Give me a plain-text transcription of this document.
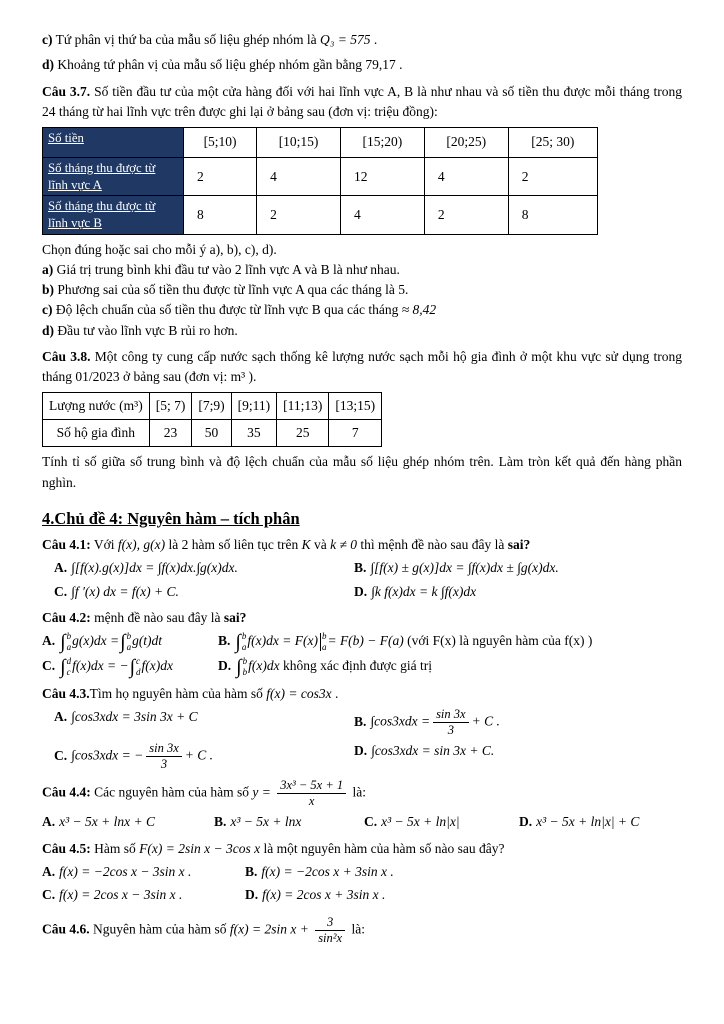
c) Tứ phân vị thứ ba của mẫu số liệu ghép nhóm là Q₃ = 575 .

d) Khoảng tứ phân vị của mẫu số liệu ghép nhóm gần bằng 79,17 .

Câu 3.7. Số tiền đầu tư của một cửa hàng đối với hai lĩnh vực A, B là như nhau và số tiền thu được mỗi tháng trong 24 tháng từ hai lĩnh vực trên được ghi lại ở bảng sau (đơn vị: triệu đồng):

Số tiền	[5;10)	[10;15)	[15;20)	[20;25)	[25; 30)
Số tháng thu được từ lĩnh vực A	2	4	12	4	2
Số tháng thu được từ lĩnh vực B	8	2	4	2	8

Chọn đúng hoặc sai cho mỗi ý a), b), c), d).

a) Giá trị trung bình khi đầu tư vào 2 lĩnh vực A và B là như nhau.

b) Phương sai của số tiền thu được từ lĩnh vực A qua các tháng là 5.

c) Độ lệch chuẩn của số tiền thu được từ lĩnh vực B qua các tháng ≈ 8,42

d) Đầu tư vào lĩnh vực B rủi ro hơn.

Câu 3.8. Một công ty cung cấp nước sạch thống kê lượng nước sạch mỗi hộ gia đình ở một khu vực sử dụng trong tháng 01/2023 ở bảng sau (đơn vị: m³ ).

Lượng nước (m³)	[5; 7)	[7;9)	[9;11)	[11;13)	[13;15)
Số hộ gia đình	23	50	35	25	7

Tính tỉ số giữa số trung bình và độ lệch chuẩn của mẫu số liệu ghép nhóm trên. Làm tròn kết quả đến hàng phần nghìn.

4.Chủ đề 4: Nguyên hàm – tích phân

Câu 4.1: Với f(x), g(x) là 2 hàm số liên tục trên K và k ≠ 0 thì mệnh đề nào sau đây là sai?

A. ∫[f(x).g(x)]dx = ∫f(x)dx.∫g(x)dx.	B. ∫[f(x) ± g(x)]dx = ∫f(x)dx ± ∫g(x)dx.
C. ∫f ′(x) dx = f(x) + C.	D. ∫k f(x)dx = k ∫f(x)dx

Câu 4.2: mệnh đề nào sau đây là sai?

A. ∫ b
a g(x)dx = ∫ b
a g(t)dt	B. ∫ b
a f(x)dx = F(x) b
a = F(b) − F(a) (với F(x) là nguyên hàm của f(x) )
C. ∫ d
c f(x)dx = − ∫ c
d f(x)dx	D. ∫ b
b f(x)dx không xác định được giá trị

Câu 4.3.Tìm họ nguyên hàm của hàm số f(x) = cos3x .

A. ∫cos3xdx = 3sin 3x + C	B. $\int\cos 3xdx = \frac{\sin 3x}{3} + C$ .
C. ∫cos3xdx = − $\frac{\sin 3x}{3} + C$ .	D. ∫cos3xdx = sin 3x + C.

Câu 4.4: Các nguyên hàm của hàm số $y = \frac{\text{3x³ − 5x + 1}}{x}$ là:

A. x³ − 5x + lnx + C	B. x³ − 5x + lnx	C. x³ − 5x + ln|x|	D. x³ − 5x + ln|x| + C

Câu 4.5: Hàm số F(x) = 2sin x − 3cos x là một nguyên hàm của hàm số nào sau đây?

A. f(x) = −2cos x − 3sin x .	B. f(x) = −2cos x + 3sin x .
C. f(x) = 2cos x − 3sin x .	D. f(x) = 2cos x + 3sin x .

Câu 4.6. Nguyên hàm của hàm số f(x) = 2sin $x + \frac{3}{\text{sin²x}}$ là:
